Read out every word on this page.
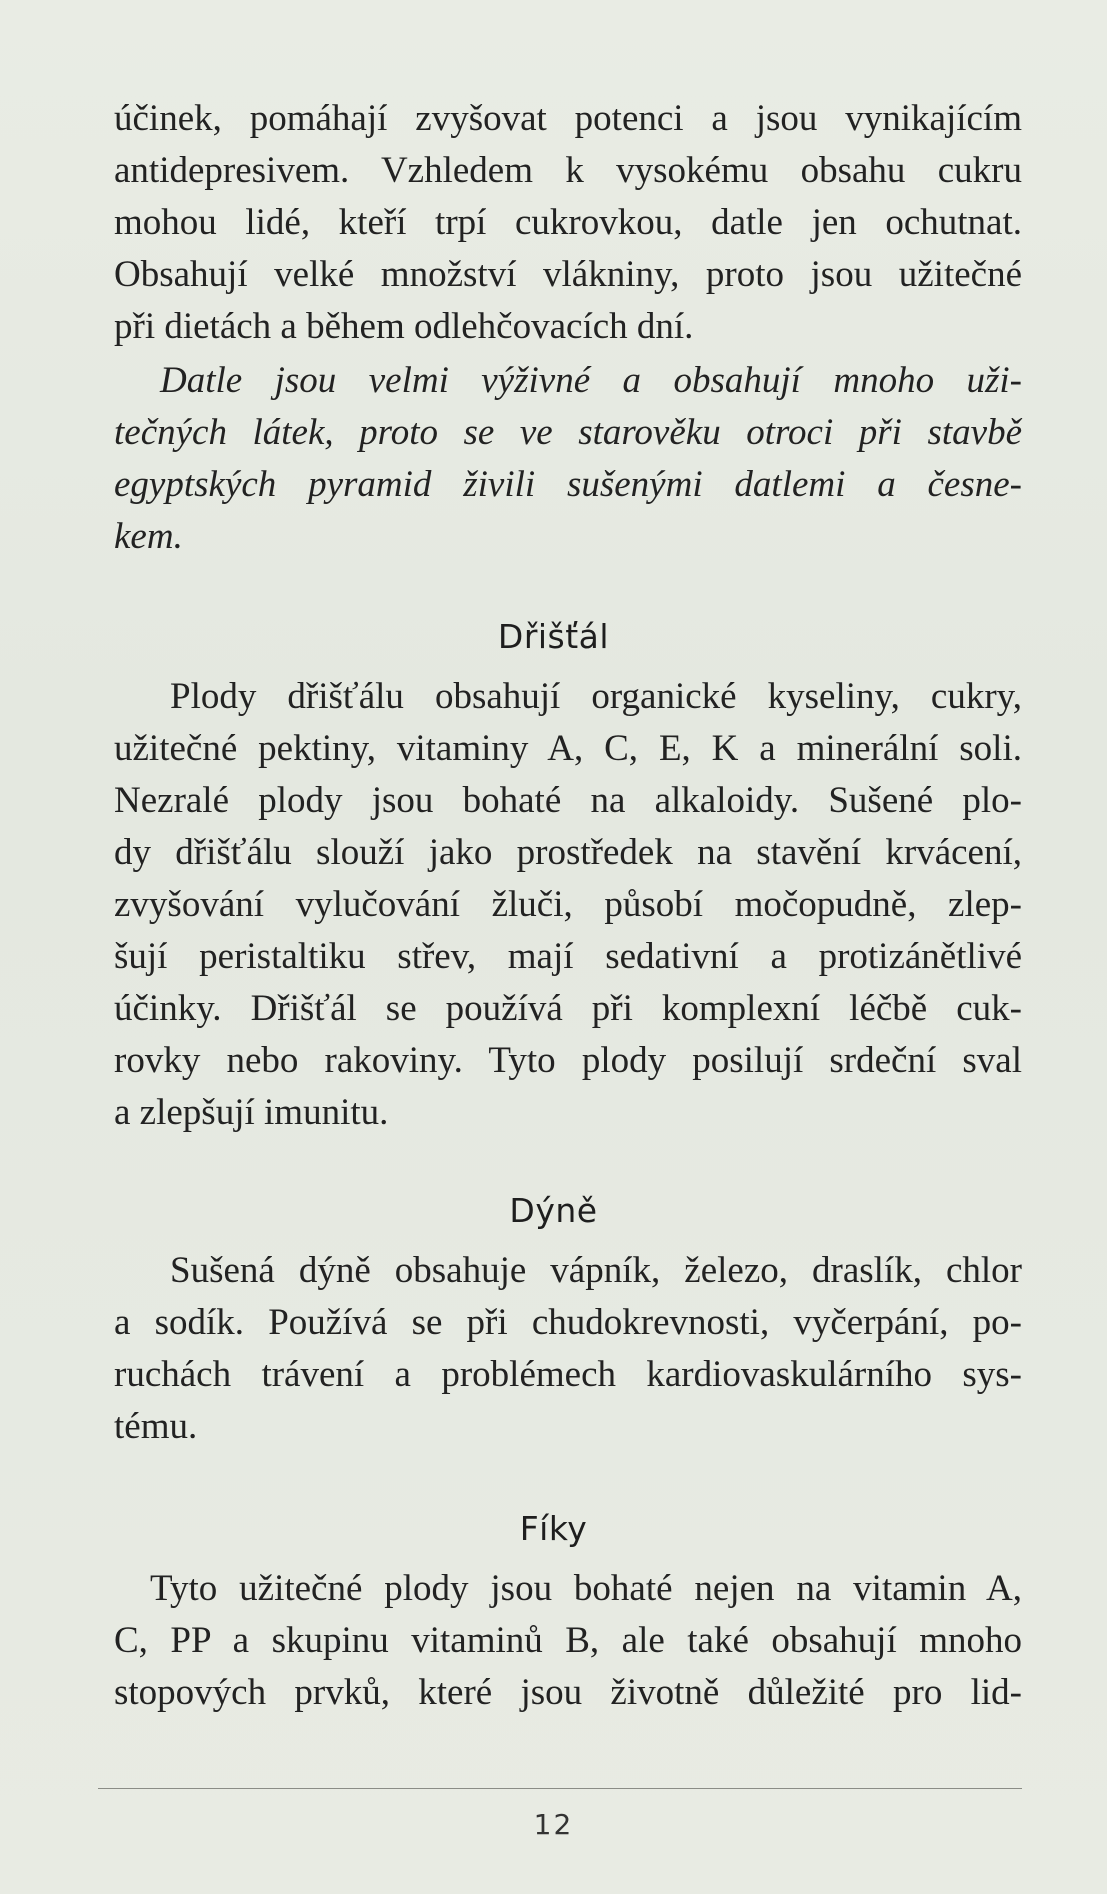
účinek, pomáhají zvyšovat potenci a jsou vynikajícím
antidepresivem. Vzhledem k vysokému obsahu cukru
mohou lidé, kteří trpí cukrovkou, datle jen ochutnat.
Obsahují velké množství vlákniny, proto jsou užitečné
při dietách a během odlehčovacích dní.
Datle jsou velmi výživné a obsahují mnoho uži-
tečných látek, proto se ve starověku otroci při stavbě
egyptských pyramid živili sušenými datlemi a česne-
kem.
Dřišťál
Plody dřišťálu obsahují organické kyseliny, cukry,
užitečné pektiny, vitaminy A, C, E, K a minerální soli.
Nezralé plody jsou bohaté na alkaloidy. Sušené plo-
dy dřišťálu slouží jako prostředek na stavění krvácení,
zvyšování vylučování žluči, působí močopudně, zlep-
šují peristaltiku střev, mají sedativní a protizánětlivé
účinky. Dřišťál se používá při komplexní léčbě cuk-
rovky nebo rakoviny. Tyto plody posilují srdeční sval
a zlepšují imunitu.
Dýně
Sušená dýně obsahuje vápník, železo, draslík, chlor
a sodík. Používá se při chudokrevnosti, vyčerpání, po-
ruchách trávení a problémech kardiovaskulárního sys-
tému.
Fíky
Tyto užitečné plody jsou bohaté nejen na vitamin A,
C, PP a skupinu vitaminů B, ale také obsahují mnoho
stopových prvků, které jsou životně důležité pro lid-
12
